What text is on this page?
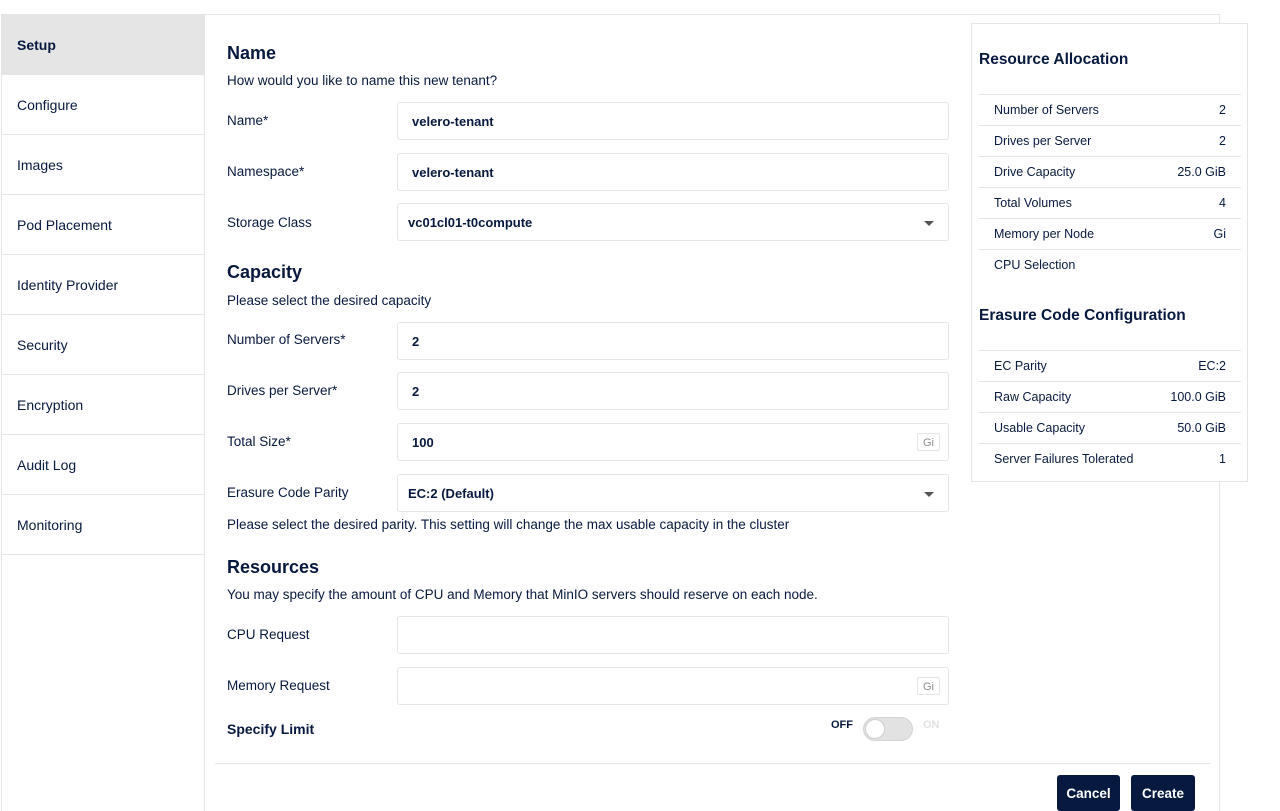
Setup
Configure
Images
Pod Placement
Identity Provider
Security
Encryption
Audit Log
Monitoring
Name
How would you like to name this new tenant?
Name*	velero-tenant
Namespace*	velero-tenant
Storage Class	vc01cl01-t0compute
Capacity
Please select the desired capacity
Number of Servers*	2
Drives per Server*	2
Total Size*	100	Gi
Erasure Code Parity	EC:2 (Default)
Please select the desired parity. This setting will change the max usable capacity in the cluster
Resources
You may specify the amount of CPU and Memory that MinIO servers should reserve on each node.
CPU Request
Memory Request	Gi
Specify Limit	OFF	ON
Cancel	Create
Resource Allocation
Number of Servers	2
Drives per Server	2
Drive Capacity	25.0 GiB
Total Volumes	4
Memory per Node	Gi
CPU Selection
Erasure Code Configuration
EC Parity	EC:2
Raw Capacity	100.0 GiB
Usable Capacity	50.0 GiB
Server Failures Tolerated	1
